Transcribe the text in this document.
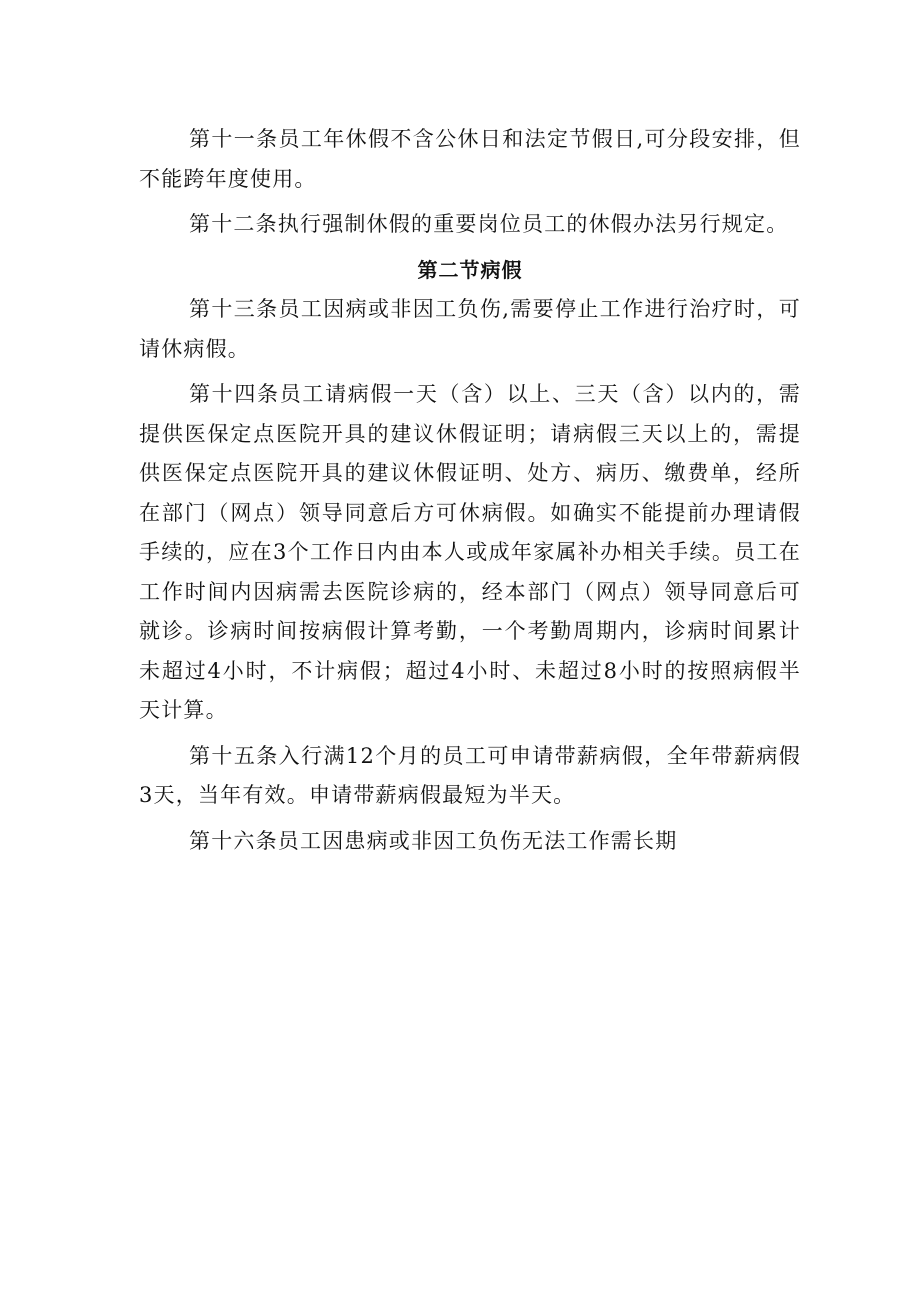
第十一条员工年休假不含公休日和法定节假日,可分段安排，但不能跨年度使用。

第十二条执行强制休假的重要岗位员工的休假办法另行规定。

第二节病假

第十三条员工因病或非因工负伤,需要停止工作进行治疗时，可请休病假。

第十四条员工请病假一天（含）以上、三天（含）以内的，需提供医保定点医院开具的建议休假证明；请病假三天以上的，需提供医保定点医院开具的建议休假证明、处方、病历、缴费单，经所在部门（网点）领导同意后方可休病假。如确实不能提前办理请假手续的，应在3个工作日内由本人或成年家属补办相关手续。员工在工作时间内因病需去医院诊病的，经本部门（网点）领导同意后可就诊。诊病时间按病假计算考勤，一个考勤周期内，诊病时间累计未超过4小时，不计病假；超过4小时、未超过8小时的按照病假半天计算。

第十五条入行满12个月的员工可申请带薪病假，全年带薪病假3天，当年有效。申请带薪病假最短为半天。

第十六条员工因患病或非因工负伤无法工作需长期
